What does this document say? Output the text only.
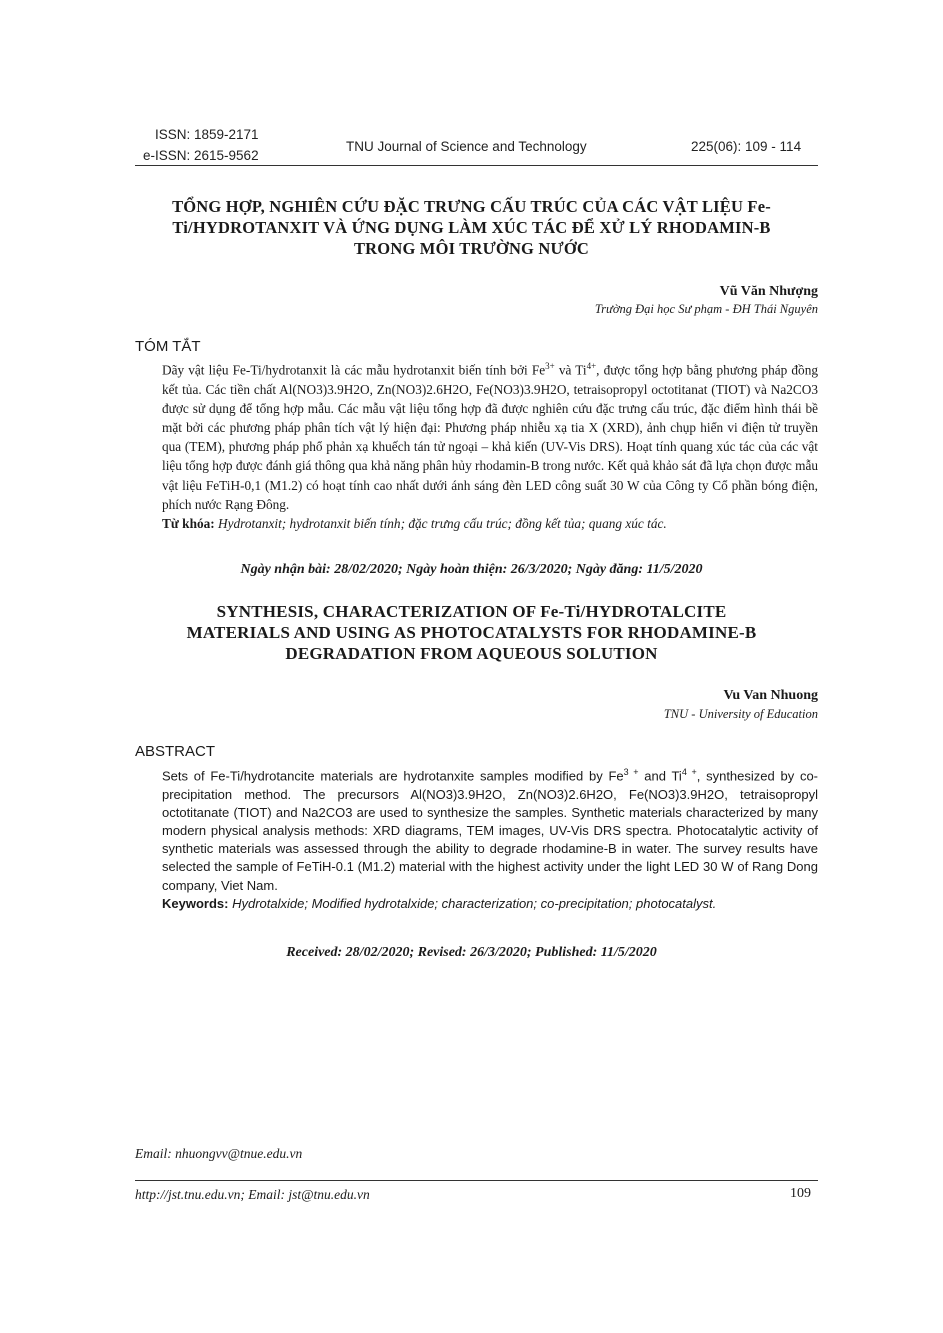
ISSN: 1859-2171
e-ISSN: 2615-9562
TNU Journal of Science and Technology	225(06): 109 - 114
TỔNG HỢP, NGHIÊN CỨU ĐẶC TRƯNG CẤU TRÚC CỦA CÁC VẬT LIỆU Fe-
Ti/HYDROTANXIT VÀ ỨNG DỤNG LÀM XÚC TÁC ĐỂ XỬ LÝ RHODAMIN-B
TRONG MÔI TRƯỜNG NƯỚC
Vũ Văn Nhượng
Trường Đại học Sư phạm - ĐH Thái Nguyên
TÓM TẮT
Dãy vật liệu Fe-Ti/hydrotanxit là các mẫu hydrotanxit biến tính bởi $Fe^{3+}$ và $Ti^{4+}$, được tổng hợp bằng phương pháp đồng kết tủa. Các tiền chất Al(NO3)3.9H2O, Zn(NO3)2.6H2O, Fe(NO3)3.9H2O, tetraisopropyl octotitanat (TIOT) và Na2CO3 được sử dụng để tổng hợp mẫu. Các mẫu vật liệu tổng hợp đã được nghiên cứu đặc trưng cấu trúc, đặc điểm hình thái bề mặt bởi các phương pháp phân tích vật lý hiện đại: Phương pháp nhiễu xạ tia X (XRD), ảnh chụp hiển vi điện tử truyền qua (TEM), phương pháp phổ phản xạ khuếch tán tử ngoại – khả kiến (UV-Vis DRS). Hoạt tính quang xúc tác của các vật liệu tổng hợp được đánh giá thông qua khả năng phân hủy rhodamin-B trong nước. Kết quả khảo sát đã lựa chọn được mẫu vật liệu FeTiH-0,1 (M1.2) có hoạt tính cao nhất dưới ánh sáng đèn LED công suất 30 W của Công ty Cổ phần bóng điện, phích nước Rạng Đông.
Từ khóa: Hydrotanxit; hydrotanxit biến tính; đặc trưng cấu trúc; đồng kết tủa; quang xúc tác.
Ngày nhận bài: 28/02/2020; Ngày hoàn thiện: 26/3/2020; Ngày đăng: 11/5/2020
SYNTHESIS, CHARACTERIZATION OF Fe-Ti/HYDROTALCITE
MATERIALS AND USING AS PHOTOCATALYSTS FOR RHODAMINE-B
DEGRADATION FROM AQUEOUS SOLUTION
Vu Van Nhuong
TNU - University of Education
ABSTRACT
Sets of Fe-Ti/hydrotancite materials are hydrotanxite samples modified by $Fe^{3 +}$ and $Ti^{4 +}$, synthesized by co-precipitation method. The precursors Al(NO3)3.9H2O, Zn(NO3)2.6H2O, Fe(NO3)3.9H2O, tetraisopropyl octotitanate (TIOT) and Na2CO3 are used to synthesize the samples. Synthetic materials characterized by many modern physical analysis methods: XRD diagrams, TEM images, UV-Vis DRS spectra. Photocatalytic activity of synthetic materials was assessed through the ability to degrade rhodamine-B in water. The survey results have selected the sample of FeTiH-0.1 (M1.2) material with the highest activity under the light LED 30 W of Rang Dong company, Viet Nam.
Keywords: Hydrotalxide; Modified hydrotalxide; characterization; co-precipitation; photocatalyst.
Received: 28/02/2020; Revised: 26/3/2020; Published: 11/5/2020
Email: nhuongvv@tnue.edu.vn
http://jst.tnu.edu.vn; Email: jst@tnu.edu.vn	109
